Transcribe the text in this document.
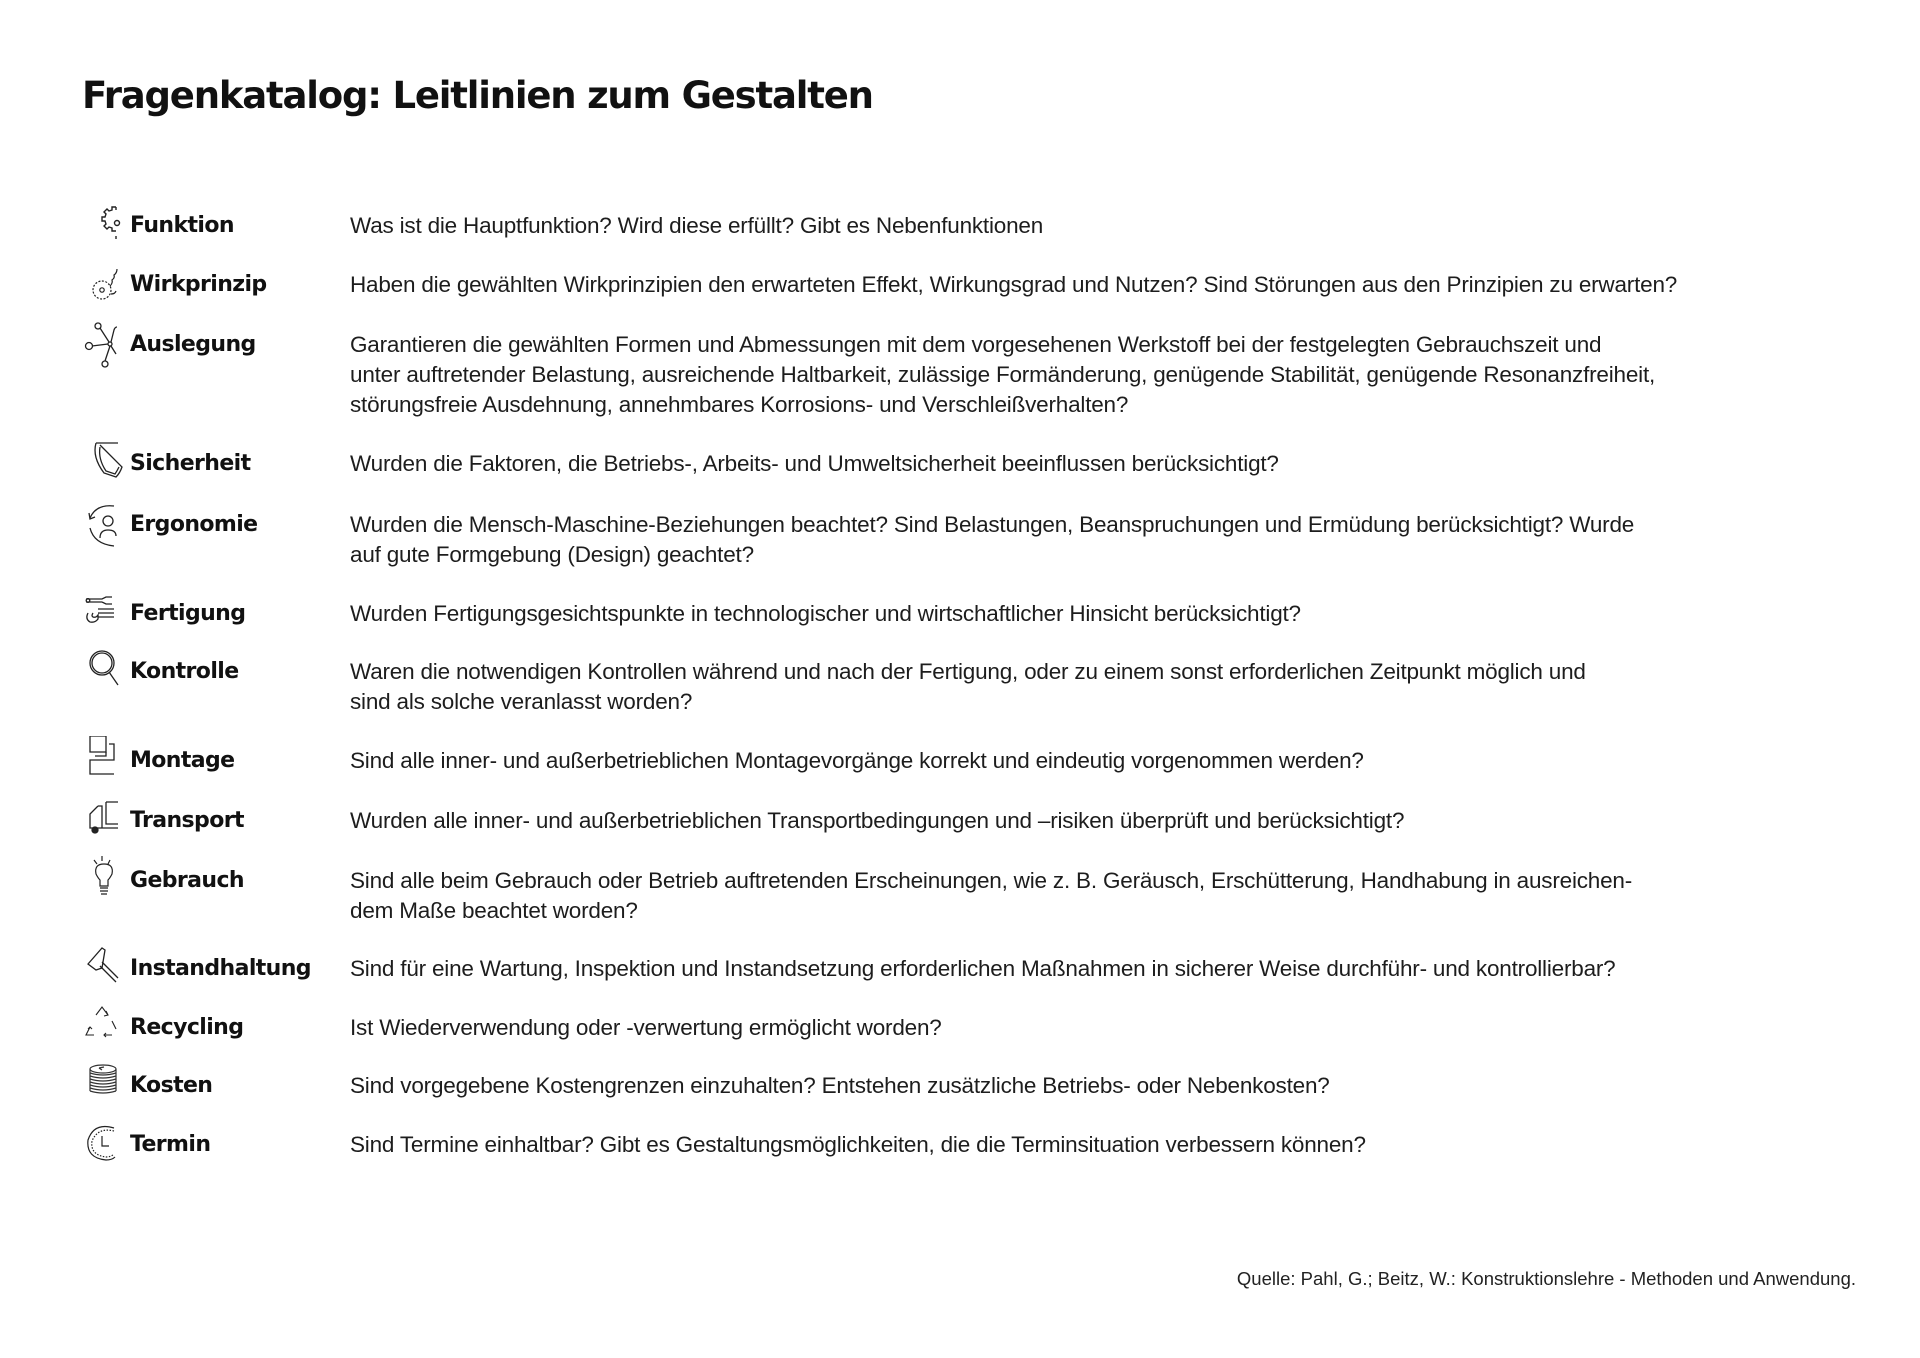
Fragenkatalog: Leitlinien zum Gestalten
Funktion	Was ist die Hauptfunktion? Wird diese erfüllt? Gibt es Nebenfunktionen
Wirkprinzip	Haben die gewählten Wirkprinzipien den erwarteten Effekt, Wirkungsgrad und Nutzen? Sind Störungen aus den Prinzipien zu erwarten?
Auslegung	Garantieren die gewählten Formen und Abmessungen mit dem vorgesehenen Werkstoff bei der festgelegten Gebrauchszeit und
unter auftretender Belastung, ausreichende Haltbarkeit, zulässige Formänderung, genügende Stabilität, genügende Resonanzfreiheit,
störungsfreie Ausdehnung, annehmbares Korrosions- und Verschleißverhalten?
Sicherheit	Wurden die Faktoren, die Betriebs-, Arbeits- und Umweltsicherheit beeinflussen berücksichtigt?
Ergonomie	Wurden die Mensch-Maschine-Beziehungen beachtet? Sind Belastungen, Beanspruchungen und Ermüdung berücksichtigt? Wurde
auf gute Formgebung (Design) geachtet?
Fertigung	Wurden Fertigungsgesichtspunkte in technologischer und wirtschaftlicher Hinsicht berücksichtigt?
Kontrolle	Waren die notwendigen Kontrollen während und nach der Fertigung, oder zu einem sonst erforderlichen Zeitpunkt möglich und
sind als solche veranlasst worden?
Montage	Sind alle inner- und außerbetrieblichen Montagevorgänge korrekt und eindeutig vorgenommen werden?
Transport	Wurden alle inner- und außerbetrieblichen Transportbedingungen und –risiken überprüft und berücksichtigt?
Gebrauch	Sind alle beim Gebrauch oder Betrieb auftretenden Erscheinungen, wie z. B. Geräusch, Erschütterung, Handhabung in ausreichen-
dem Maße beachtet worden?
Instandhaltung	Sind für eine Wartung, Inspektion und Instandsetzung erforderlichen Maßnahmen in sicherer Weise durchführ- und kontrollierbar?
Recycling	Ist Wiederverwendung oder -verwertung ermöglicht worden?
Kosten	Sind vorgegebene Kostengrenzen einzuhalten? Entstehen zusätzliche Betriebs- oder Nebenkosten?
Termin	Sind Termine einhaltbar? Gibt es Gestaltungsmöglichkeiten, die die Terminsituation verbessern können?
Quelle: Pahl, G.; Beitz, W.: Konstruktionslehre - Methoden und Anwendung.
